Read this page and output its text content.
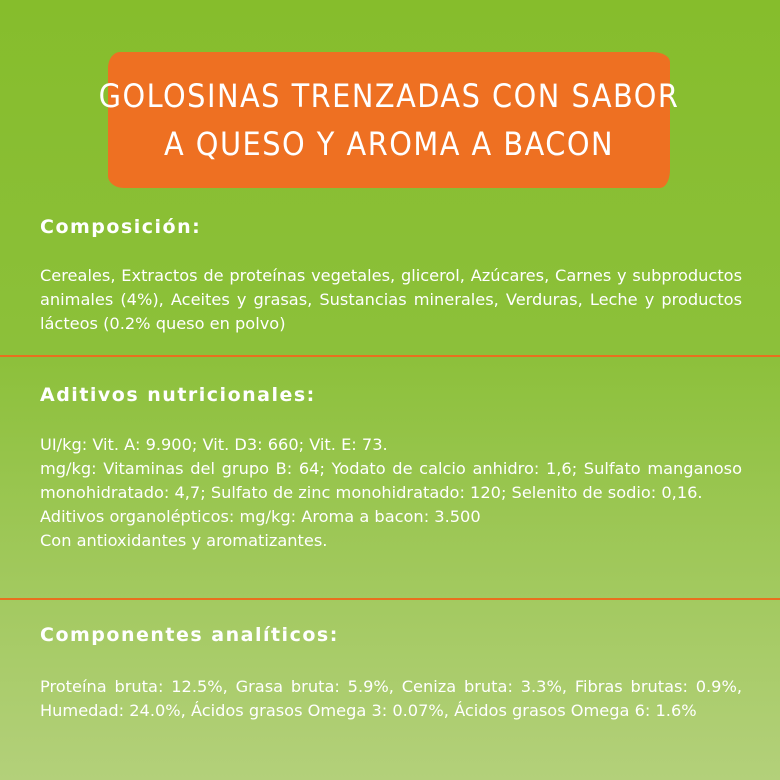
GOLOSINAS TRENZADAS CON SABOR
A QUESO Y AROMA A BACON
Composición:
Cereales, Extractos de proteínas vegetales, glicerol, Azúcares, Carnes y subproductos animales (4%), Aceites y grasas, Sustancias minerales, Verduras, Leche y productos lácteos (0.2% queso en polvo)
Aditivos nutricionales:
UI/kg: Vit. A: 9.900; Vit. D3: 660; Vit. E: 73.
mg/kg: Vitaminas del grupo B: 64; Yodato de calcio anhidro: 1,6; Sulfato manganoso monohidratado: 4,7; Sulfato de zinc monohidratado: 120; Selenito de sodio: 0,16.
Aditivos organolépticos: mg/kg: Aroma a bacon: 3.500
Con antioxidantes y aromatizantes.
Componentes analíticos:
Proteína bruta: 12.5%, Grasa bruta: 5.9%, Ceniza bruta: 3.3%, Fibras brutas: 0.9%, Humedad: 24.0%, Ácidos grasos Omega 3: 0.07%, Ácidos grasos Omega 6: 1.6%
